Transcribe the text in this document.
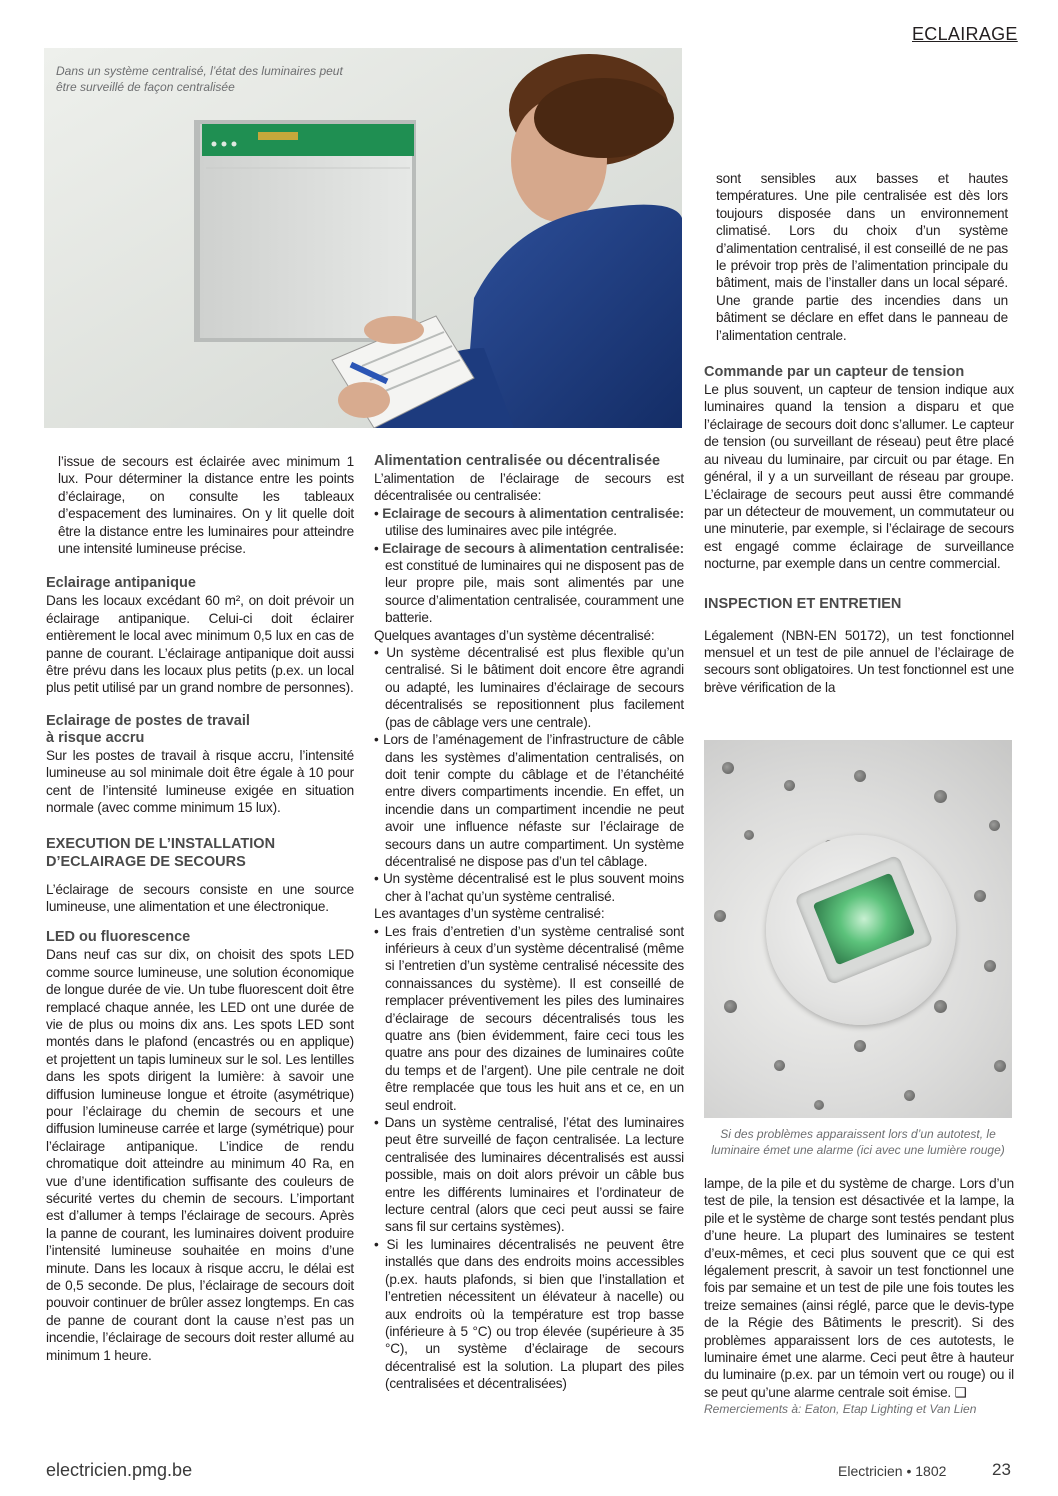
ECLAIRAGE
Dans un système centralisé, l’état des luminaires peut être surveillé de façon centralisée

l’issue de secours est éclairée avec minimum 1 lux. Pour déterminer la distance entre les points d’éclairage, on consulte les tableaux d’espacement des luminaires. On y lit quelle doit être la distance entre les luminaires pour atteindre une intensité lumineuse précise.

Eclairage antipanique

Dans les locaux excédant 60 m², on doit prévoir un éclairage antipanique. Celui-ci doit éclairer entièrement le local avec minimum 0,5 lux en cas de panne de courant. L’éclairage antipanique doit aussi être prévu dans les locaux plus petits (p.ex. un local plus petit utilisé par un grand nombre de personnes).

Eclairage de postes de travail

à risque accru

Sur les postes de travail à risque accru, l’intensité lumineuse au sol minimale doit être égale à 10 pour cent de l’intensité lumineuse exigée en situation normale (avec comme minimum 15 lux).

EXECUTION DE L’INSTALLATION

D’ECLAIRAGE DE SECOURS

L’éclairage de secours consiste en une source lumineuse, une alimentation et une électronique.

LED ou fluorescence

Dans neuf cas sur dix, on choisit des spots LED comme source lumineuse, une solution économique de longue durée de vie. Un tube fluorescent doit être remplacé chaque année, les LED ont une durée de vie de plus ou moins dix ans. Les spots LED sont montés dans le plafond (encastrés ou en applique) et projettent un tapis lumineux sur le sol. Les lentilles dans les spots dirigent la lumière: à savoir une diffusion lumineuse longue et étroite (asymétrique) pour l’éclairage du chemin de secours et une diffusion lumineuse carrée et large (symétrique) pour l’éclairage antipanique. L’indice de rendu chromatique doit atteindre au minimum 40 Ra, en vue d’une identification suffisante des couleurs de sécurité vertes du chemin de secours. L’important est d’allumer à temps l’éclairage de secours. Après la panne de courant, les luminaires doivent produire l’intensité lumineuse souhaitée en moins d’une minute. Dans les locaux à risque accru, le délai est de 0,5 seconde. De plus, l’éclairage de secours doit pouvoir continuer de brûler assez longtemps. En cas de panne de courant dont la cause n’est pas un incendie, l’éclairage de secours doit rester allumé au minimum 1 heure.

Alimentation centralisée ou décentralisée

L’alimentation de l’éclairage de secours est décentralisée ou centralisée:

• Eclairage de secours à alimentation centralisée: utilise des luminaires avec pile intégrée.

• Eclairage de secours à alimentation centralisée: est constitué de luminaires qui ne disposent pas de leur propre pile, mais sont alimentés par une source d’alimentation centralisée, couramment une batterie.

Quelques avantages d’un système décentralisé:

• Un système décentralisé est plus flexible qu’un centralisé. Si le bâtiment doit encore être agrandi ou adapté, les luminaires d’éclairage de secours décentralisés se repositionnent plus facilement (pas de câblage vers une centrale).

• Lors de l’aménagement de l’infrastructure de câble dans les systèmes d’alimentation centralisés, on doit tenir compte du câblage et de l’étanchéité entre divers compartiments incendie. En effet, un incendie dans un compartiment incendie ne peut avoir une influence néfaste sur l’éclairage de secours dans un autre compartiment. Un système décentralisé ne dispose pas d’un tel câblage.

• Un système décentralisé est le plus souvent moins cher à l’achat qu’un système centralisé.

Les avantages d’un système centralisé:

• Les frais d’entretien d’un système centralisé sont inférieurs à ceux d’un système décentralisé (même si l’entretien d’un système centralisé nécessite des connaissances du système). Il est conseillé de remplacer préventivement les piles des luminaires d’éclairage de secours décentralisés tous les quatre ans (bien évidemment, faire ceci tous les quatre ans pour des dizaines de luminaires coûte du temps et de l’argent). Une pile centrale ne doit être remplacée que tous les huit ans et ce, en un seul endroit.

• Dans un système centralisé, l’état des luminaires peut être surveillé de façon centralisée. La lecture centralisée des luminaires décentralisés est aussi possible, mais on doit alors prévoir un câble bus entre les différents luminaires et l’ordinateur de lecture central (alors que ceci peut aussi se faire sans fil sur certains systèmes).

• Si les luminaires décentralisés ne peuvent être installés que dans des endroits moins accessibles (p.ex. hauts plafonds, si bien que l’installation et l’entretien nécessitent un élévateur à nacelle) ou aux endroits où la température est trop basse (inférieure à 5 °C) ou trop élevée (supérieure à 35 °C), un système d’éclairage de secours décentralisé est la solution. La plupart des piles (centralisées et décentralisées)

sont sensibles aux basses et hautes températures. Une pile centralisée est dès lors toujours disposée dans un environnement climatisé. Lors du choix d’un système d’alimentation centralisé, il est conseillé de ne pas le prévoir trop près de l’alimentation principale du bâtiment, mais de l’installer dans un local séparé. Une grande partie des incendies dans un bâtiment se déclare en effet dans le panneau de l’alimentation centrale.

Commande par un capteur de tension

Le plus souvent, un capteur de tension indique aux luminaires quand la tension a disparu et que l’éclairage de secours doit donc s’allumer. Le capteur de tension (ou surveillant de réseau) peut être placé au niveau du luminaire, par circuit ou par étage. En général, il y a un surveillant de réseau par groupe. L’éclairage de secours peut aussi être commandé par un détecteur de mouvement, un commutateur ou une minuterie, par exemple, si l’éclairage de secours est engagé comme éclairage de surveillance nocturne, par exemple dans un centre commercial.

INSPECTION ET ENTRETIEN

Légalement (NBN-EN 50172), un test fonctionnel mensuel et un test de pile annuel de l’éclairage de secours sont obligatoires. Un test fonctionnel est une brève vérification de la

Si des problèmes apparaissent lors d’un autotest, le luminaire émet une alarme (ici avec une lumière rouge)

lampe, de la pile et du système de charge. Lors d’un test de pile, la tension est désactivée et la lampe, la pile et le système de charge sont testés pendant plus d’une heure. La plupart des luminaires se testent d’eux-mêmes, et ceci plus souvent que ce qui est légalement prescrit, à savoir un test fonctionnel une fois par semaine et un test de pile une fois toutes les treize semaines (ainsi réglé, parce que le devis-type de la Régie des Bâtiments le prescrit). Si des problèmes apparaissent lors de ces autotests, le luminaire émet une alarme. Ceci peut être à hauteur du luminaire (p.ex. par un témoin vert ou rouge) ou il se peut qu’une alarme centrale soit émise. ❑

Remerciements à: Eaton, Etap Lighting et Van Lien

electricien.pmg.be	Electricien • 1802	23
